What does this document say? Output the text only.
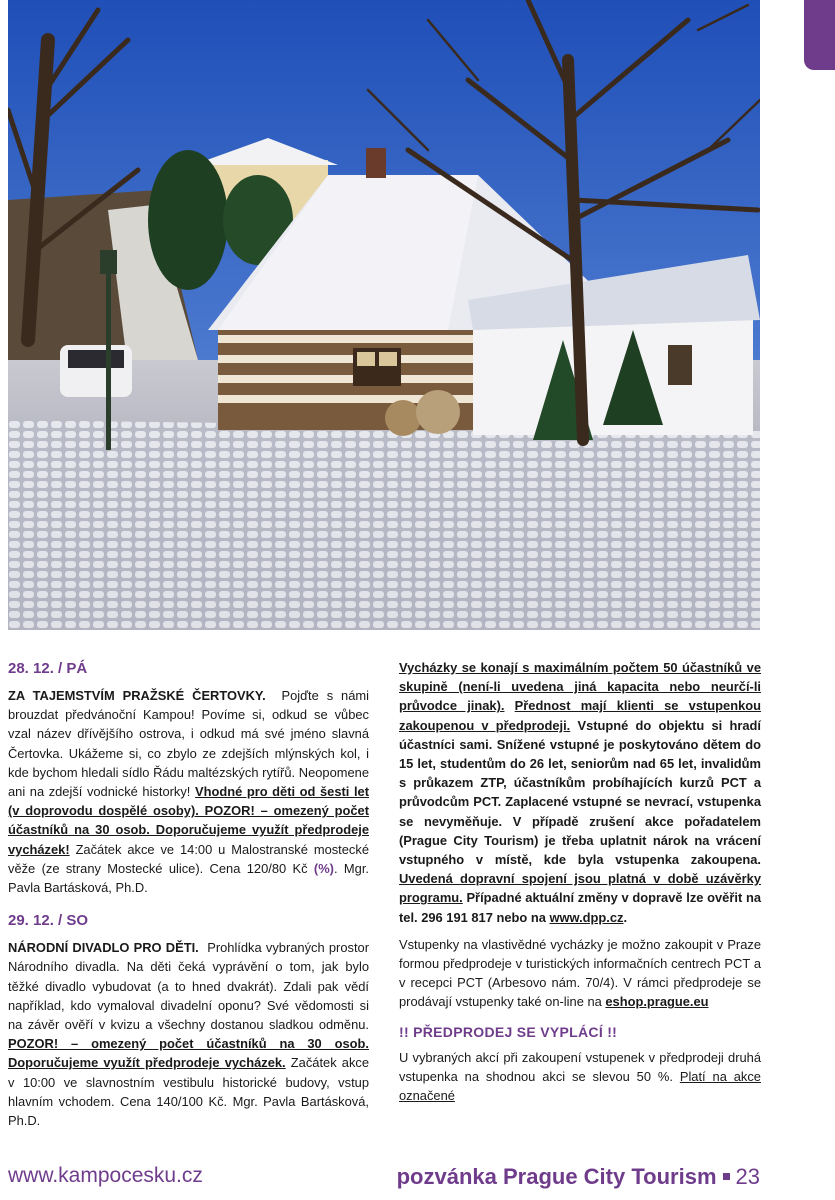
28. 12. / PÁ

ZA TAJEMSTVÍM PRAŽSKÉ ČERTOVKY. Pojďte s námi brouzdat předvánoční Kampou! Povíme si, odkud se vůbec vzal název dřívějšího ostrova, i odkud má své jméno slavná Čertovka. Ukážeme si, co zbylo ze zdejších mlýnských kol, i kde bychom hledali sídlo Řádu maltézských rytířů. Neopomene ani na zdejší vodnické historky! Vhodné pro děti od šesti let (v doprovodu dospělé osoby). POZOR! – omezený počet účastníků na 30 osob. Doporučujeme využít předprodeje vycházek! Začátek akce ve 14:00 u Malostranské mostecké věže (ze strany Mostecké ulice). Cena 120/80 Kč (%). Mgr. Pavla Bartásková, Ph.D.

29. 12. / SO

NÁRODNÍ DIVADLO PRO DĚTI. Prohlídka vybraných prostor Národního divadla. Na děti čeká vyprávění o tom, jak bylo těžké divadlo vybudovat (a to hned dvakrát). Zdali pak vědí například, kdo vymaloval divadelní oponu? Své vědomosti si na závěr ověří v kvizu a všechny dostanou sladkou odměnu. POZOR! – omezený počet účastníků na 30 osob. Doporučujeme využít předprodeje vycházek. Začátek akce v 10:00 ve slavnostním vestibulu historické budovy, vstup hlavním vchodem. Cena 140/100 Kč. Mgr. Pavla Bartásková, Ph.D.

Vycházky se konají s maximálním počtem 50 účastníků ve skupině (není-li uvedena jiná kapacita nebo neurčí-li průvodce jinak). Přednost mají klienti se vstupenkou zakoupenou v předprodeji. Vstupné do objektu si hradí účastníci sami. Snížené vstupné je poskytováno dětem do 15 let, studentům do 26 let, seniorům nad 65 let, invalidům s průkazem ZTP, účastníkům probíhajících kurzů PCT a průvodcům PCT. Zaplacené vstupné se nevrací, vstupenka se nevyměňuje. V případě zrušení akce pořadatelem (Prague City Tourism) je třeba uplatnit nárok na vrácení vstupného v místě, kde byla vstupenka zakoupena. Uvedená dopravní spojení jsou platná v době uzávěrky programu. Případné aktuální změny v dopravě lze ověřit na tel. 296 191 817 nebo na www.dpp.cz.

Vstupenky na vlastivědné vycházky je možno zakoupit v Praze formou předprodeje v turistických informačních centrech PCT a v recepci PCT (Arbesovo nám. 70/4). V rámci předprodeje se prodávají vstupenky také on-line na eshop.prague.eu

!! PŘEDPRODEJ SE VYPLÁCÍ !!

U vybraných akcí při zakoupení vstupenek v předprodeji druhá vstupenka na shodnou akci se slevou 50 %. Platí na akce označené

www.kampocesku.cz	pozvánka Prague City Tourism 23
